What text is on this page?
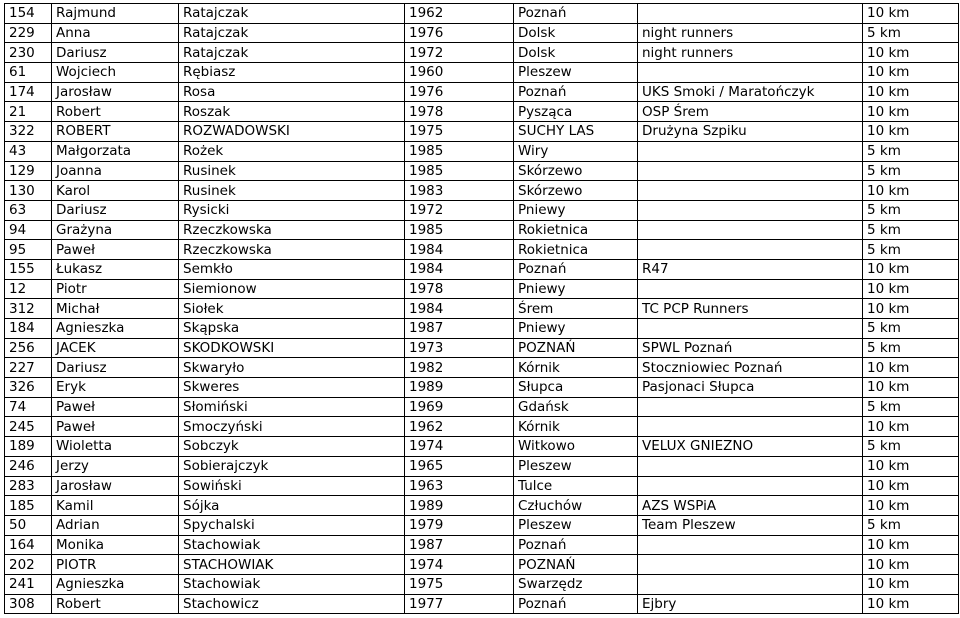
154	Rajmund	Ratajczak	1962	Poznań		10 km
229	Anna	Ratajczak	1976	Dolsk	night runners	5 km
230	Dariusz	Ratajczak	1972	Dolsk	night runners	10 km
61	Wojciech	Rębiasz	1960	Pleszew		10 km
174	Jarosław	Rosa	1976	Poznań	UKS Smoki / Maratończyk	10 km
21	Robert	Roszak	1978	Pysząca	OSP Śrem	10 km
322	ROBERT	ROZWADOWSKI	1975	SUCHY LAS	Drużyna Szpiku	10 km
43	Małgorzata	Rożek	1985	Wiry		5 km
129	Joanna	Rusinek	1985	Skórzewo		5 km
130	Karol	Rusinek	1983	Skórzewo		10 km
63	Dariusz	Rysicki	1972	Pniewy		5 km
94	Grażyna	Rzeczkowska	1985	Rokietnica		5 km
95	Paweł	Rzeczkowska	1984	Rokietnica		5 km
155	Łukasz	Semkło	1984	Poznań	R47	10 km
12	Piotr	Siemionow	1978	Pniewy		10 km
312	Michał	Siołek	1984	Śrem	TC PCP Runners	10 km
184	Agnieszka	Skąpska	1987	Pniewy		5 km
256	JACEK	SKODKOWSKI	1973	POZNAŃ	SPWL Poznań	5 km
227	Dariusz	Skwaryło	1982	Kórnik	Stoczniowiec Poznań	10 km
326	Eryk	Skweres	1989	Słupca	Pasjonaci Słupca	10 km
74	Paweł	Słomiński	1969	Gdańsk		5 km
245	Paweł	Smoczyński	1962	Kórnik		10 km
189	Wioletta	Sobczyk	1974	Witkowo	VELUX GNIEZNO	5 km
246	Jerzy	Sobierajczyk	1965	Pleszew		10 km
283	Jarosław	Sowiński	1963	Tulce		10 km
185	Kamil	Sójka	1989	Człuchów	AZS WSPiA	10 km
50	Adrian	Spychalski	1979	Pleszew	Team Pleszew	5 km
164	Monika	Stachowiak	1987	Poznań		10 km
202	PIOTR	STACHOWIAK	1974	POZNAŃ		10 km
241	Agnieszka	Stachowiak	1975	Swarzędz		10 km
308	Robert	Stachowicz	1977	Poznań	Ejbry	10 km
